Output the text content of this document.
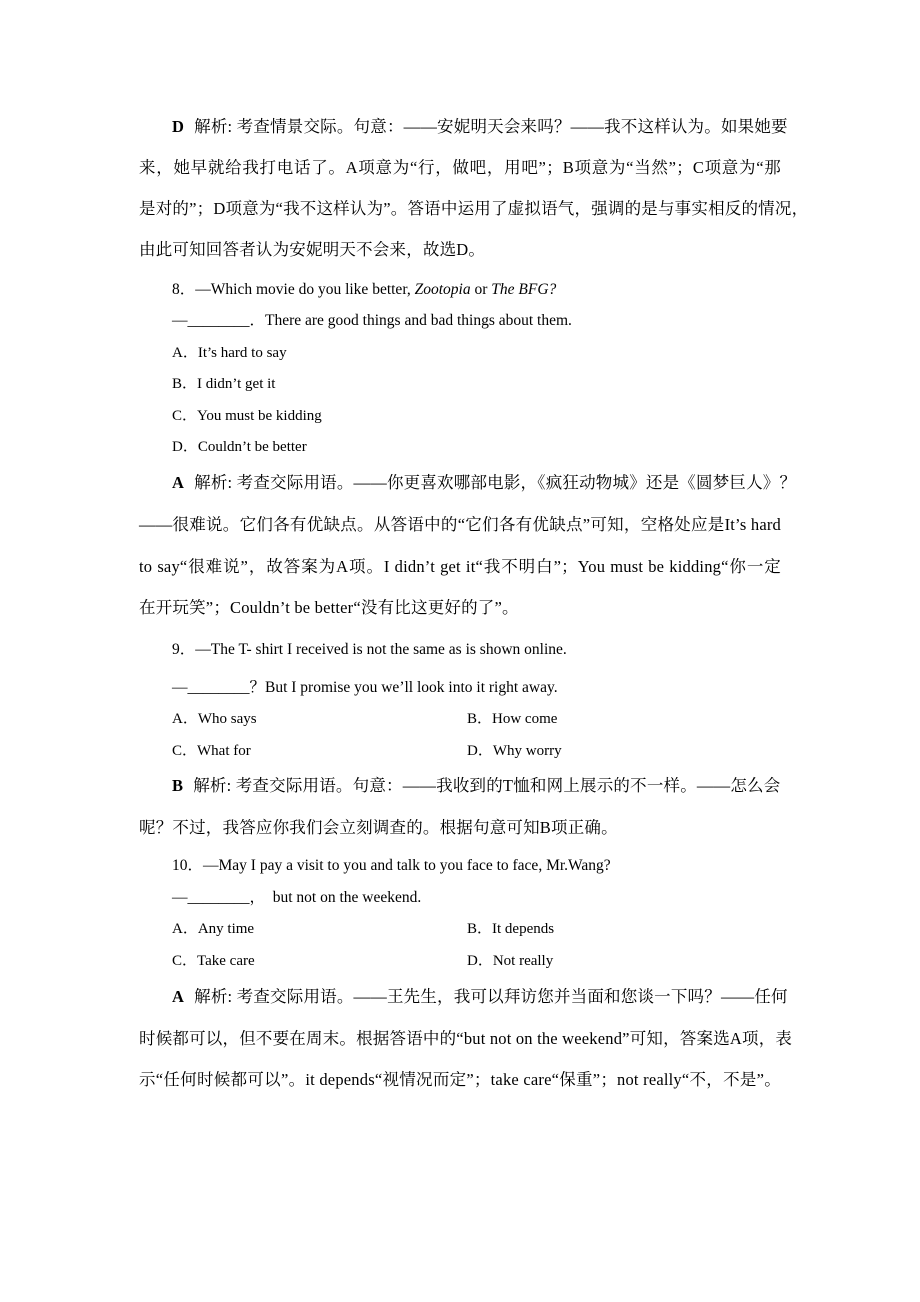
D 解析: 考查情景交际。句意：——安妮明天会来吗？——我不这样认为。如果她要
来，她早就给我打电话了。A项意为“行，做吧，用吧”；B项意为“当然”；C项意为“那
是对的”；D项意为“我不这样认为”。答语中运用了虚拟语气，强调的是与事实相反的情况，
由此可知回答者认为安妮明天不会来，故选D。
8．—Which movie do you like better, Zootopia or The BFG?
—________．There are good things and bad things about them.
A．It’s hard to say
B．I didn’t get it
C．You must be kidding
D．Couldn’t be better
A 解析: 考查交际用语。——你更喜欢哪部电影，《疯狂动物城》还是《圆梦巨人》？
——很难说。它们各有优缺点。从答语中的“它们各有优缺点”可知，空格处应是It’s hard
to say“很难说”，故答案为A项。I didn’t get it“我不明白”；You must be kidding“你一定
在开玩笑”；Couldn’t be better“没有比这更好的了”。
9．—The T- shirt I received is not the same as is shown online.
—________？But I promise you we’ll look into it right away.
A．Who says	B．How come
C．What for	D．Why worry
B 解析: 考查交际用语。句意：——我收到的T恤和网上展示的不一样。——怎么会
呢？不过，我答应你我们会立刻调查的。根据句意可知B项正确。
10．—May I pay a visit to you and talk to you face to face, Mr.Wang?
—________，  but not on the weekend.
A．Any time	B．It depends
C．Take care	D．Not really
A 解析: 考查交际用语。——王先生，我可以拜访您并当面和您谈一下吗？——任何
时候都可以，但不要在周末。根据答语中的“but not on the weekend”可知，答案选A项，表
示“任何时候都可以”。it depends“视情况而定”；take care“保重”；not really“不，不是”。
